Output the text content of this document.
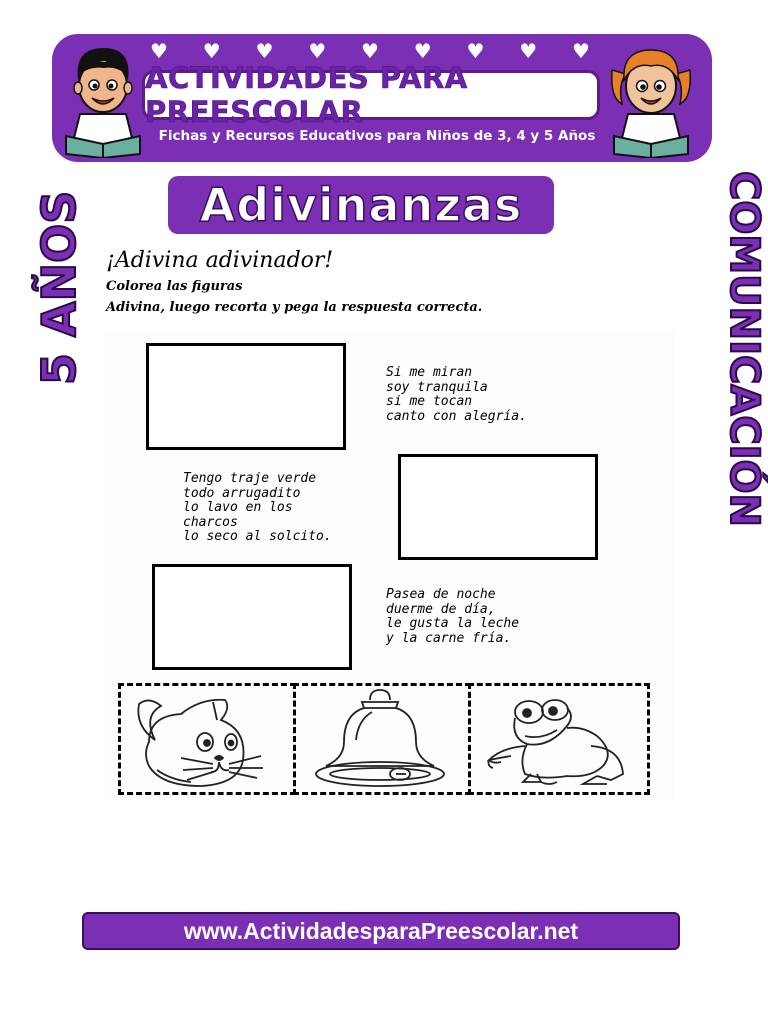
♥ ♥ ♥ ♥ ♥ ♥ ♥ ♥ ♥
ACTIVIDADES PARA PREESCOLAR
Fichas y Recursos Educativos para Niños de 3, 4 y 5 Años
5 AÑOS	COMUNICACIÓN
Adivinanzas
¡Adivina adivinador!
Colorea las figuras
Adivina, luego recorta y pega la respuesta correcta.
Si me miran
soy tranquila
si me tocan
canto con alegría.
Tengo traje verde
todo arrugadito
lo lavo en los
charcos
lo seco al solcito.
Pasea de noche
duerme de día,
le gusta la leche
y la carne fría.
www.ActividadesparaPreescolar.net
